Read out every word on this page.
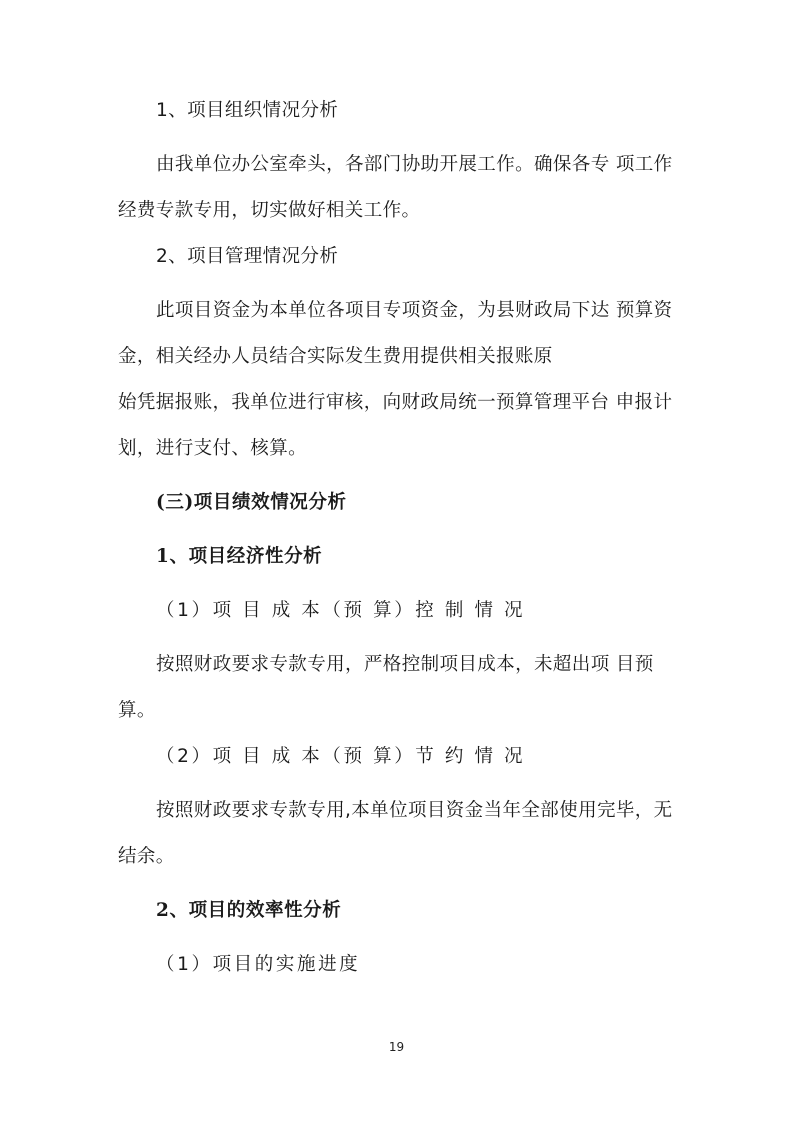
1、项目组织情况分析

由我单位办公室牵头，各部门协助开展工作。确保各专 项工作经费专款专用，切实做好相关工作。

2、项目管理情况分析

此项目资金为本单位各项目专项资金，为县财政局下达 预算资金，相关经办人员结合实际发生费用提供相关报账原

始凭据报账，我单位进行审核，向财政局统一预算管理平台 申报计划，进行支付、核算。

(三)项目绩效情况分析

1、项目经济性分析

（1）项 目 成 本（预 算）控 制 情 况

按照财政要求专款专用，严格控制项目成本，未超出项 目预算。

（2）项 目 成 本（预 算）节 约 情 况

按照财政要求专款专用,本单位项目资金当年全部使用完毕，无结余。

2、项目的效率性分析

（1）项目的实施进度

19
